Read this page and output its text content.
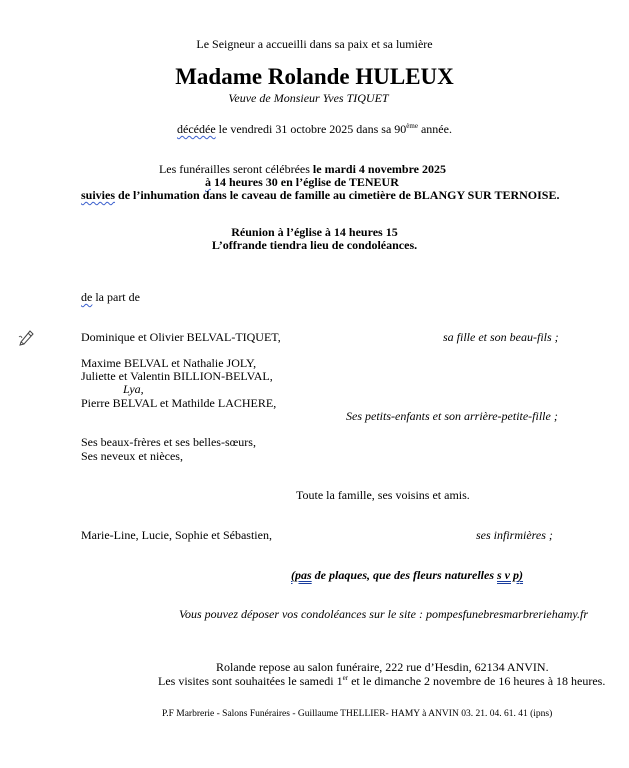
Le Seigneur a accueilli dans sa paix et sa lumière
Madame Rolande HULEUX
Veuve de Monsieur Yves TIQUET
décédée le vendredi 31 octobre 2025 dans sa 90ème année.
Les funérailles seront célébrées le mardi 4 novembre 2025
à 14 heures 30 en l’église de TENEUR
suivies de l’inhumation dans le caveau de famille au cimetière de BLANGY SUR TERNOISE.
Réunion à l’église à 14 heures 15
L’offrande tiendra lieu de condoléances.
de la part de
Dominique et Olivier BELVAL-TIQUET,	sa fille et son beau-fils ;
Maxime BELVAL et Nathalie JOLY,
Juliette et Valentin BILLION-BELVAL,
Lya,
Pierre BELVAL et Mathilde LACHERE,
Ses petits-enfants et son arrière-petite-fille ;
Ses beaux-frères et ses belles-sœurs,
Ses neveux et nièces,
Toute la famille, ses voisins et amis.
Marie-Line, Lucie, Sophie et Sébastien,	ses infirmières ;
(pas de plaques, que des fleurs naturelles s v p)
Vous pouvez déposer vos condoléances sur le site : pompesfunebresmarbreriehamy.fr
Rolande repose au salon funéraire, 222 rue d’Hesdin, 62134 ANVIN.
Les visites sont souhaitées le samedi 1er et le dimanche 2 novembre de 16 heures à 18 heures.
P.F Marbrerie - Salons Funéraires - Guillaume THELLIER- HAMY à ANVIN 03. 21. 04. 61. 41 (ipns)
